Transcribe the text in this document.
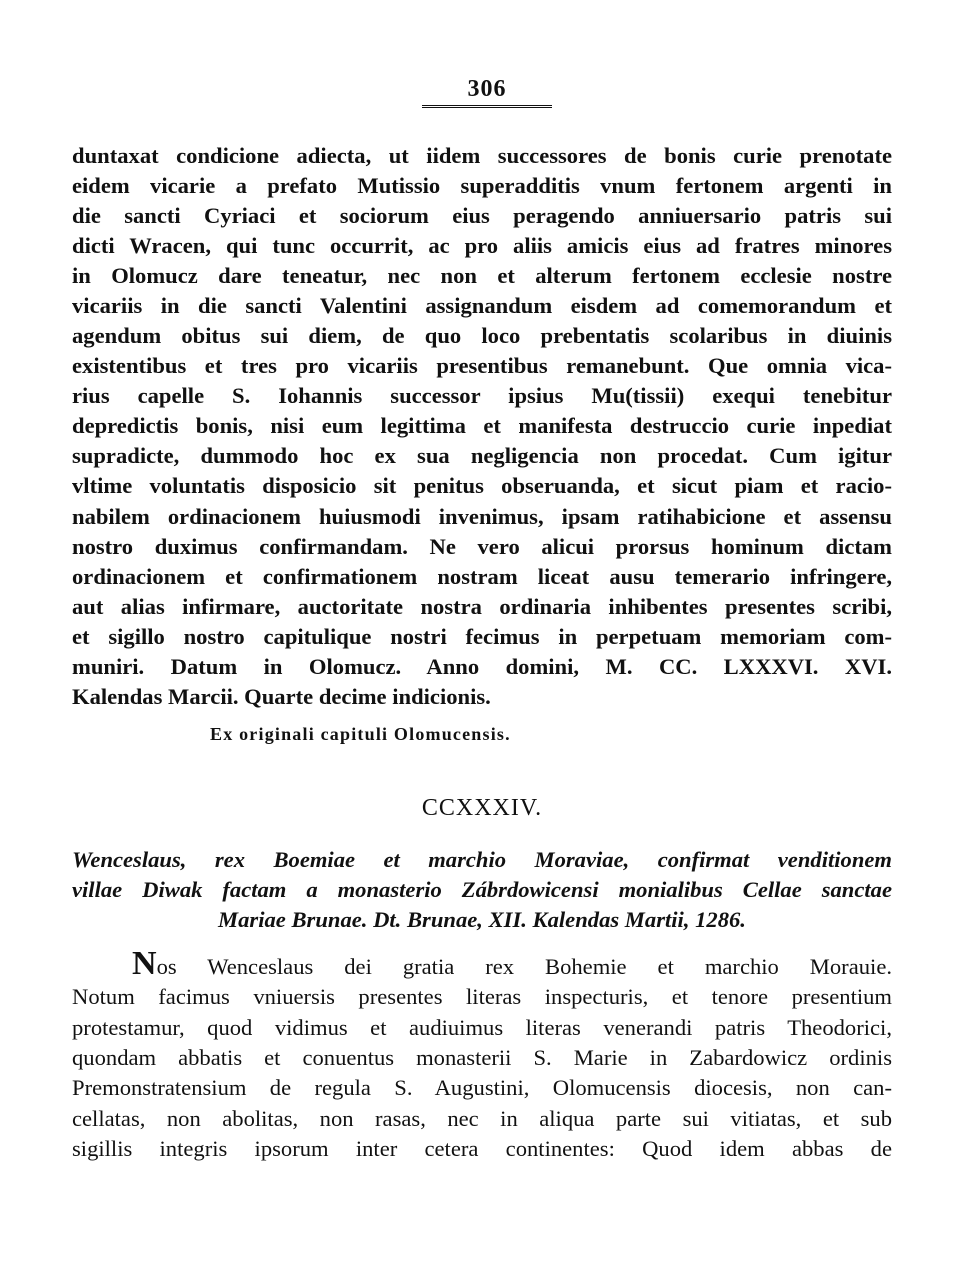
306
duntaxat condicione adiecta, ut iidem successores de bonis curie prenotate
eidem vicarie a prefato Mutissio superadditis vnum fertonem argenti in
die sancti Cyriaci et sociorum eius peragendo anniuersario patris sui
dicti Wracen, qui tunc occurrit, ac pro aliis amicis eius ad fratres minores
in Olomucz dare teneatur, nec non et alterum fertonem ecclesie nostre
vicariis in die sancti Valentini assignandum eisdem ad comemorandum et
agendum obitus sui diem, de quo loco prebentatis scolaribus in diuinis
existentibus et tres pro vicariis presentibus remanebunt. Que omnia vica-
rius capelle S. Iohannis successor ipsius Mu(tissii) exequi tenebitur
depredictis bonis, nisi eum legittima et manifesta destruccio curie inpediat
supradicte, dummodo hoc ex sua negligencia non procedat. Cum igitur
vltime voluntatis disposicio sit penitus obseruanda, et sicut piam et racio-
nabilem ordinacionem huiusmodi invenimus, ipsam ratihabicione et assensu
nostro duximus confirmandam. Ne vero alicui prorsus hominum dictam
ordinacionem et confirmationem nostram liceat ausu temerario infringere,
aut alias infirmare, auctoritate nostra ordinaria inhibentes presentes scribi,
et sigillo nostro capitulique nostri fecimus in perpetuam memoriam com-
muniri. Datum in Olomucz. Anno domini, M. CC. LXXXVI. XVI.
Kalendas Marcii. Quarte decime indicionis.
Ex originali capituli Olomucensis.
CCXXXIV.
Wenceslaus, rex Boemiae et marchio Moraviae, confirmat venditionem
villae Diwak factam a monasterio Zábrdowicensi monialibus Cellae sanctae
Mariae Brunae. Dt. Brunae, XII. Kalendas Martii, 1286.
Nos Wenceslaus dei gratia rex Bohemie et marchio Morauie.
Notum facimus vniuersis presentes literas inspecturis, et tenore presentium
protestamur, quod vidimus et audiuimus literas venerandi patris Theodorici,
quondam abbatis et conuentus monasterii S. Marie in Zabardowicz ordinis
Premonstratensium de regula S. Augustini, Olomucensis diocesis, non can-
cellatas, non abolitas, non rasas, nec in aliqua parte sui vitiatas, et sub
sigillis integris ipsorum inter cetera continentes: Quod idem abbas de
